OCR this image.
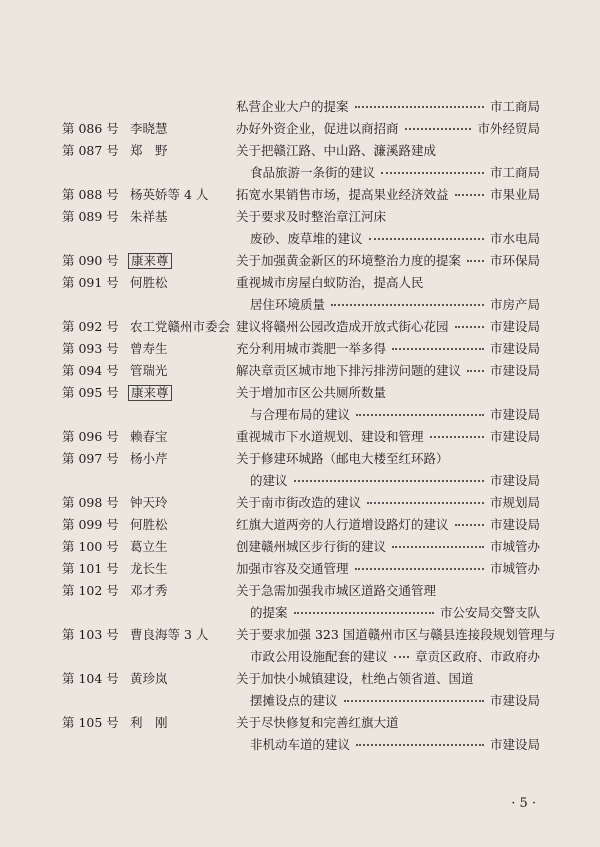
· 5 ·
私营企业大户的提案	市工商局
第 086 号 李晓慧	办好外资企业，促进以商招商	市外经贸局
第 087 号 郑　野	关于把赣江路、中山路、濂溪路建成
食品旅游一条街的建议	市工商局
第 088 号 杨英娇等 4 人 拓宽水果销售市场，提高果业经济效益	市果业局
第 089 号 朱祥基	关于要求及时整治章江河床
废砂、废草堆的建议	市水电局
第 090 号 康来尊	关于加强黄金新区的环境整治力度的提案 市环保局
第 091 号 何胜松	重视城市房屋白蚁防治，提高人民
居住环境质量	市房产局
第 092 号 农工党赣州市委会 建议将赣州公园改造成开放式街心花园	市建设局
第 093 号 曾寿生	充分利用城市粪肥一举多得	市建设局
第 094 号 管瑞光	解决章贡区城市地下排污排涝问题的建议 市建设局
第 095 号 康来尊	关于增加市区公共厕所数量
与合理布局的建议	市建设局
第 096 号 赖春宝	重视城市下水道规划、建设和管理	市建设局
第 097 号 杨小芹	关于修建环城路（邮电大楼至红环路）
的建议	市建设局
第 098 号 钟天玲	关于南市街改造的建议	市规划局
第 099 号 何胜松	红旗大道两旁的人行道增设路灯的建议	市建设局
第 100 号 葛立生	创建赣州城区步行街的建议	市城管办
第 101 号 龙长生	加强市容及交通管理	市城管办
第 102 号 邓才秀	关于急需加强我市城区道路交通管理
的提案	市公安局交警支队
第 103 号 曹良海等 3 人 关于要求加强 323 国道赣州市区与赣县连接段规划管理与
市政公用设施配套的建议 章贡区政府、市政府办
第 104 号 黄珍岚	关于加快小城镇建设，杜绝占领省道、国道
摆摊设点的建议	市建设局
第 105 号 利　刚	关于尽快修复和完善红旗大道
非机动车道的建议	市建设局
